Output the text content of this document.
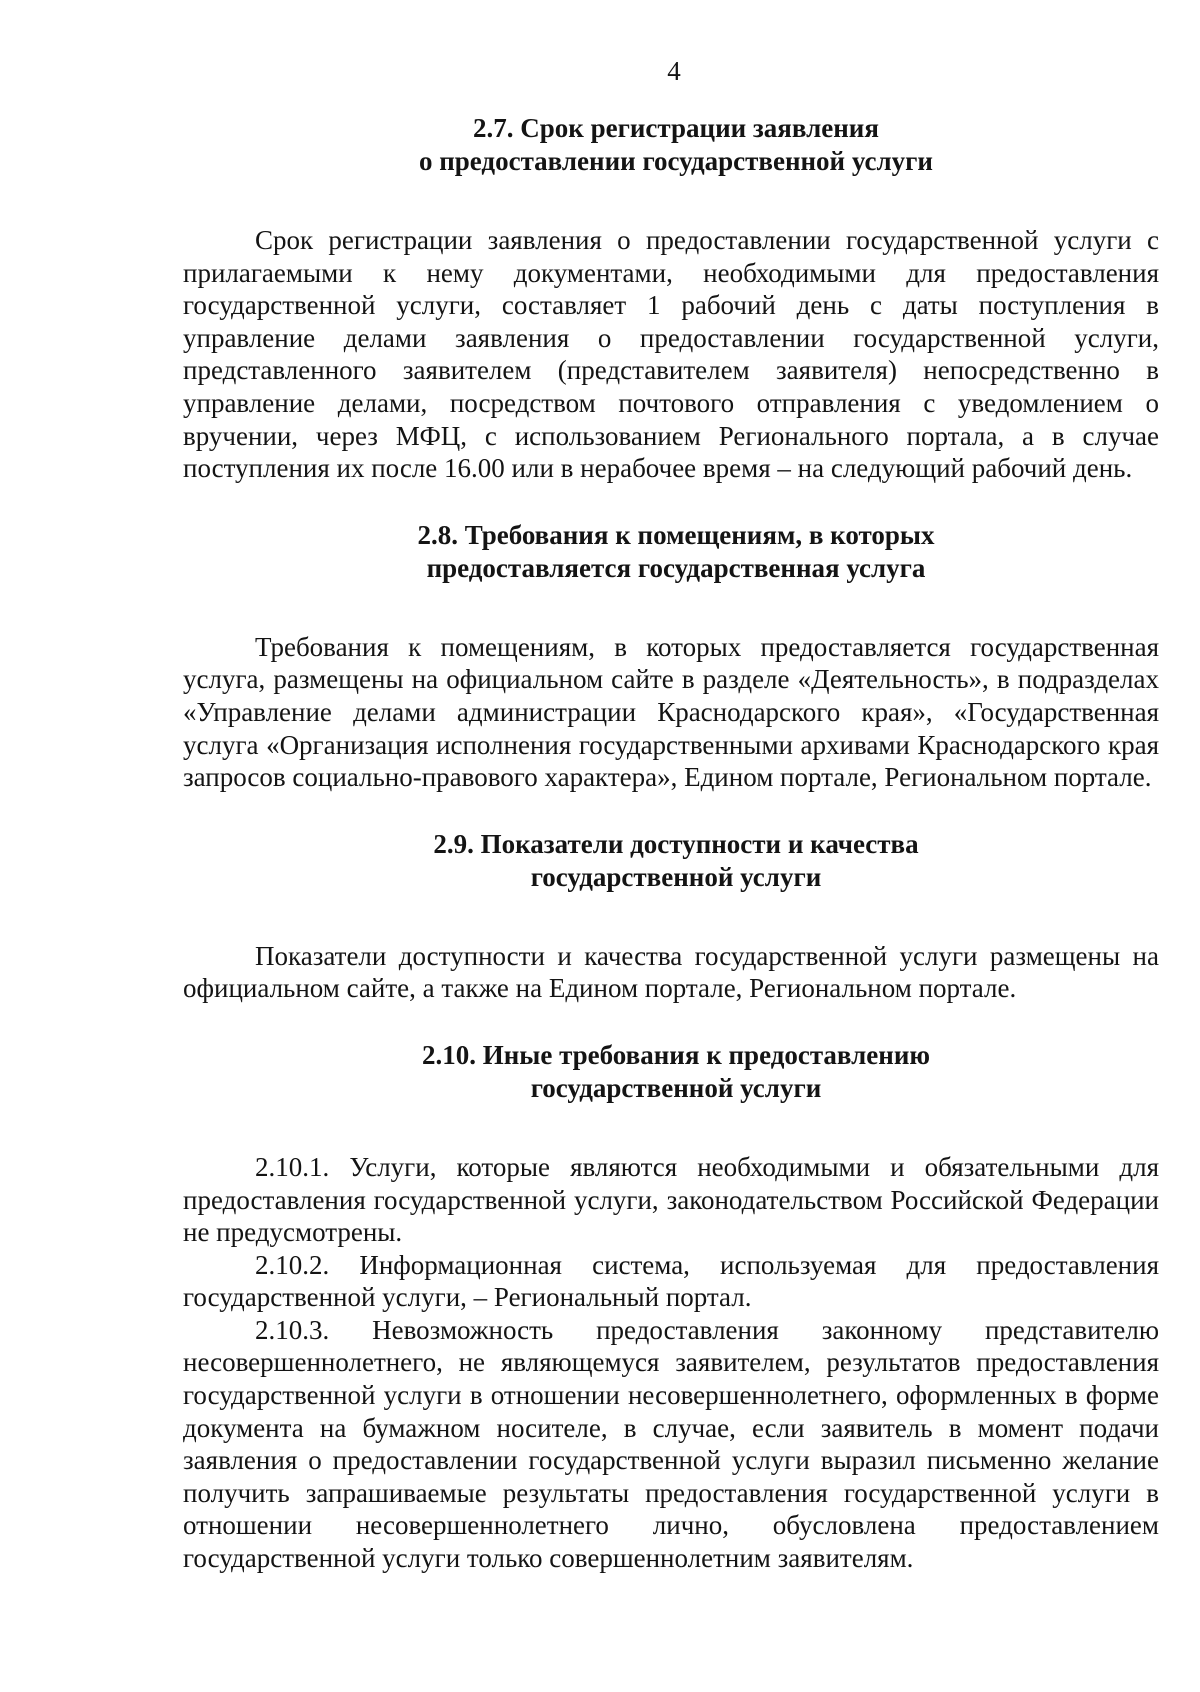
4
2.7. Срок регистрации заявления
о предоставлении государственной услуги

Срок регистрации заявления о предоставлении государственной услуги с прилагаемыми к нему документами, необходимыми для предоставления государственной услуги, составляет 1 рабочий день с даты поступления в управление делами заявления о предоставлении государственной услуги, представленного заявителем (представителем заявителя) непосредственно в управление делами, посредством почтового отправления с уведомлением о вручении, через МФЦ, с использованием Регионального портала, а в случае поступления их после 16.00 или в нерабочее время – на следующий рабочий день.

2.8. Требования к помещениям, в которых
предоставляется государственная услуга

Требования к помещениям, в которых предоставляется государственная услуга, размещены на официальном сайте в разделе «Деятельность», в подразделах «Управление делами администрации Краснодарского края», «Государственная услуга «Организация исполнения государственными архивами Краснодарского края запросов социально-правового характера», Едином портале, Региональном портале.

2.9. Показатели доступности и качества
государственной услуги

Показатели доступности и качества государственной услуги размещены на официальном сайте, а также на Едином портале, Региональном портале.

2.10. Иные требования к предоставлению
государственной услуги

2.10.1. Услуги, которые являются необходимыми и обязательными для предоставления государственной услуги, законодательством Российской Федерации не предусмотрены.

2.10.2. Информационная система, используемая для предоставления государственной услуги, – Региональный портал.

2.10.3. Невозможность предоставления законному представителю несовершеннолетнего, не являющемуся заявителем, результатов предоставления государственной услуги в отношении несовершеннолетнего, оформленных в форме документа на бумажном носителе, в случае, если заявитель в момент подачи заявления о предоставлении государственной услуги выразил письменно желание получить запрашиваемые результаты предоставления государственной услуги в отношении несовершеннолетнего лично, обусловлена предоставлением государственной услуги только совершеннолетним заявителям.
